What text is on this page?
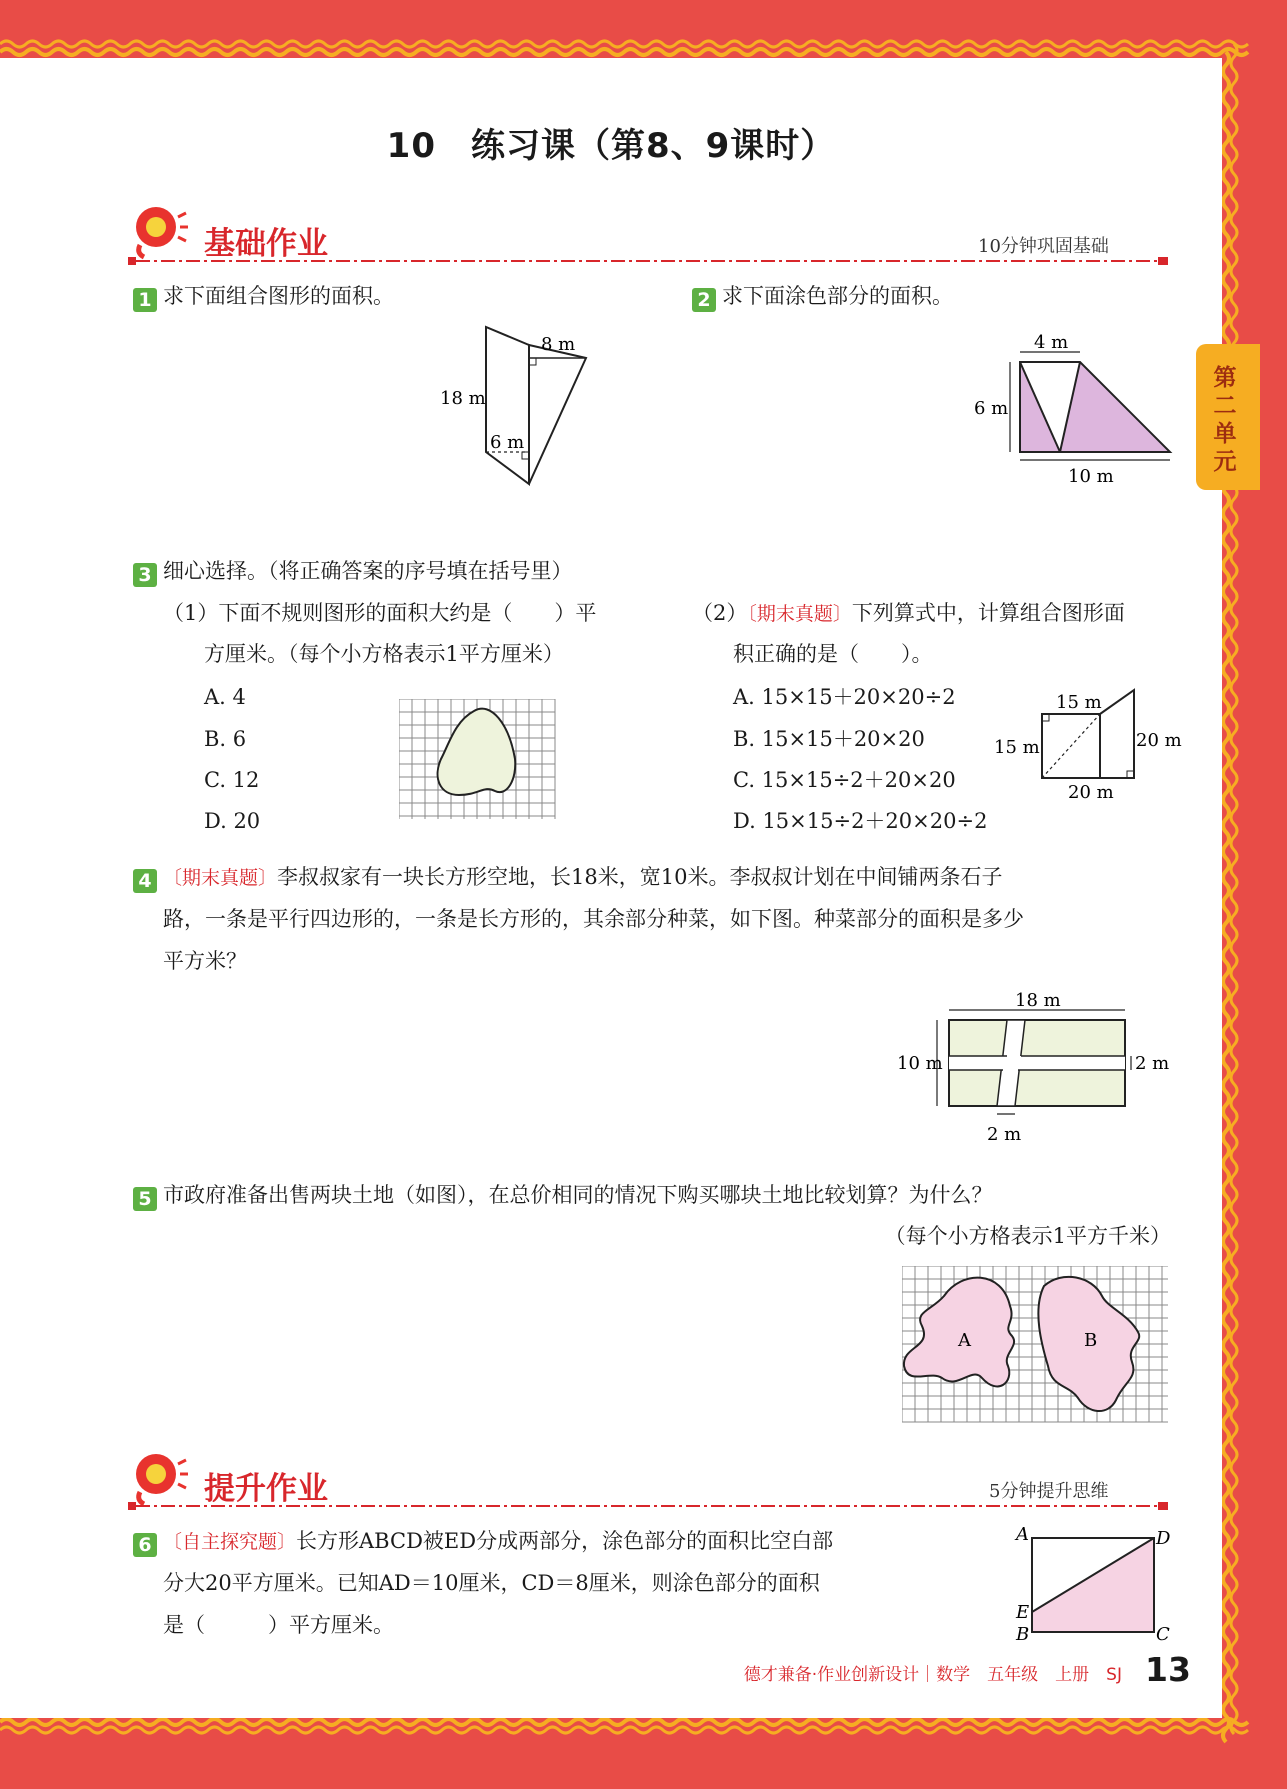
10　练习课（第8、9课时）
第二单元
基础作业	10分钟巩固基础
1 求下面组合图形的面积。
8 m
18 m
6 m
2 求下面涂色部分的面积。
4 m
6 m
10 m
3 细心选择。（将正确答案的序号填在括号里）
（1）下面不规则图形的面积大约是（　　）平
方厘米。（每个小方格表示1平方厘米）
A. 4
B. 6
C. 12
D. 20
（2）〔期末真题〕下列算式中，计算组合图形面
积正确的是（　　）。
A. 15×15＋20×20÷2
B. 15×15＋20×20
C. 15×15÷2＋20×20
D. 15×15÷2＋20×20÷2
15 m
15 m	20 m
20 m
4 〔期末真题〕李叔叔家有一块长方形空地，长18米，宽10米。李叔叔计划在中间铺两条石子
路，一条是平行四边形的，一条是长方形的，其余部分种菜，如下图。种菜部分的面积是多少
平方米？
18 m
10 m	2 m
2 m
5 市政府准备出售两块土地（如图），在总价相同的情况下购买哪块土地比较划算？为什么？
（每个小方格表示1平方千米）
A	B
提升作业	5分钟提升思维
6 〔自主探究题〕长方形ABCD被ED分成两部分，涂色部分的面积比空白部
分大20平方厘米。已知AD＝10厘米，CD＝8厘米，则涂色部分的面积
是（　　　）平方厘米。
A	D
E
B	C
德才兼备·作业创新设计｜数学　五年级　上册　SJ 13
